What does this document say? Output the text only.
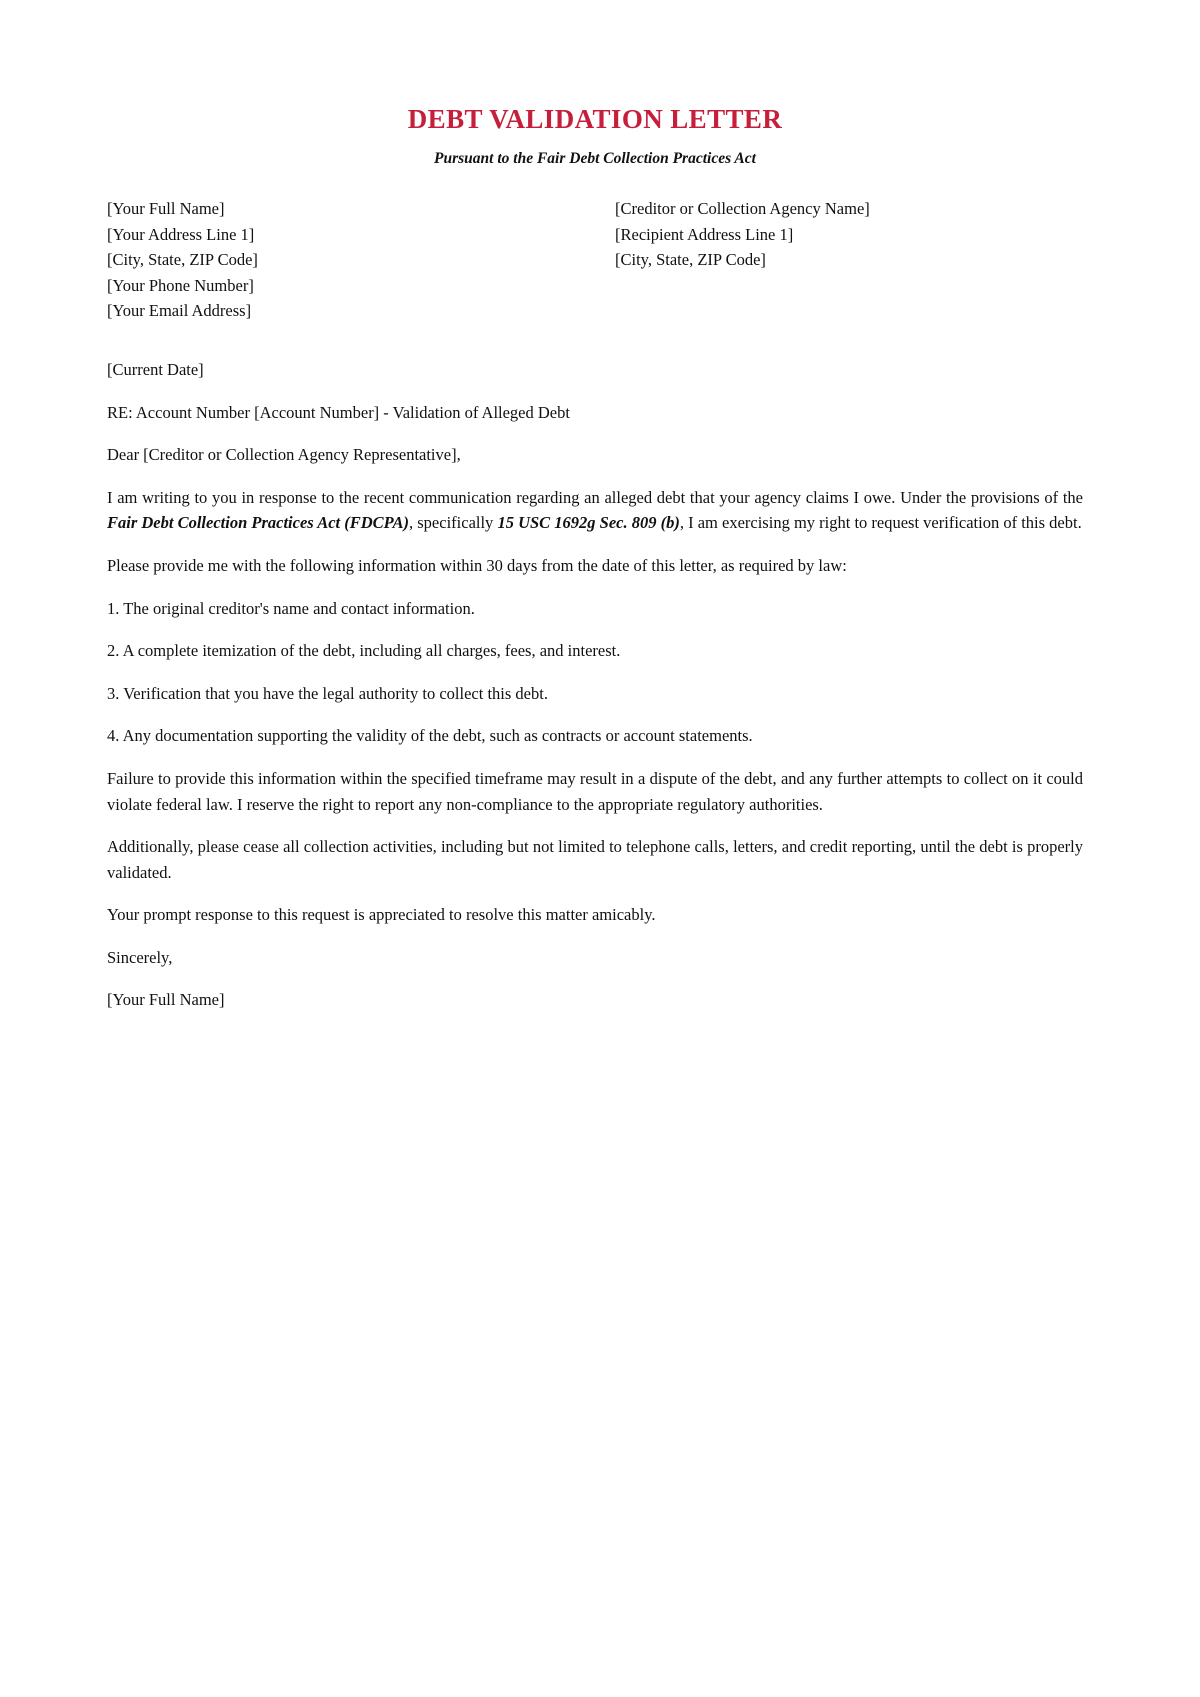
DEBT VALIDATION LETTER
Pursuant to the Fair Debt Collection Practices Act
[Your Full Name]
[Your Address Line 1]
[City, State, ZIP Code]
[Your Phone Number]
[Your Email Address]
[Creditor or Collection Agency Name]
[Recipient Address Line 1]
[City, State, ZIP Code]

[Current Date]

RE: Account Number [Account Number] - Validation of Alleged Debt

Dear [Creditor or Collection Agency Representative],

I am writing to you in response to the recent communication regarding an alleged debt that your agency claims I owe. Under the provisions of the Fair Debt Collection Practices Act (FDCPA), specifically 15 USC 1692g Sec. 809 (b), I am exercising my right to request verification of this debt.

Please provide me with the following information within 30 days from the date of this letter, as required by law:

1. The original creditor's name and contact information.

2. A complete itemization of the debt, including all charges, fees, and interest.

3. Verification that you have the legal authority to collect this debt.

4. Any documentation supporting the validity of the debt, such as contracts or account statements.

Failure to provide this information within the specified timeframe may result in a dispute of the debt, and any further attempts to collect on it could violate federal law. I reserve the right to report any non-compliance to the appropriate regulatory authorities.

Additionally, please cease all collection activities, including but not limited to telephone calls, letters, and credit reporting, until the debt is properly validated.

Your prompt response to this request is appreciated to resolve this matter amicably.

Sincerely,

[Your Full Name]
